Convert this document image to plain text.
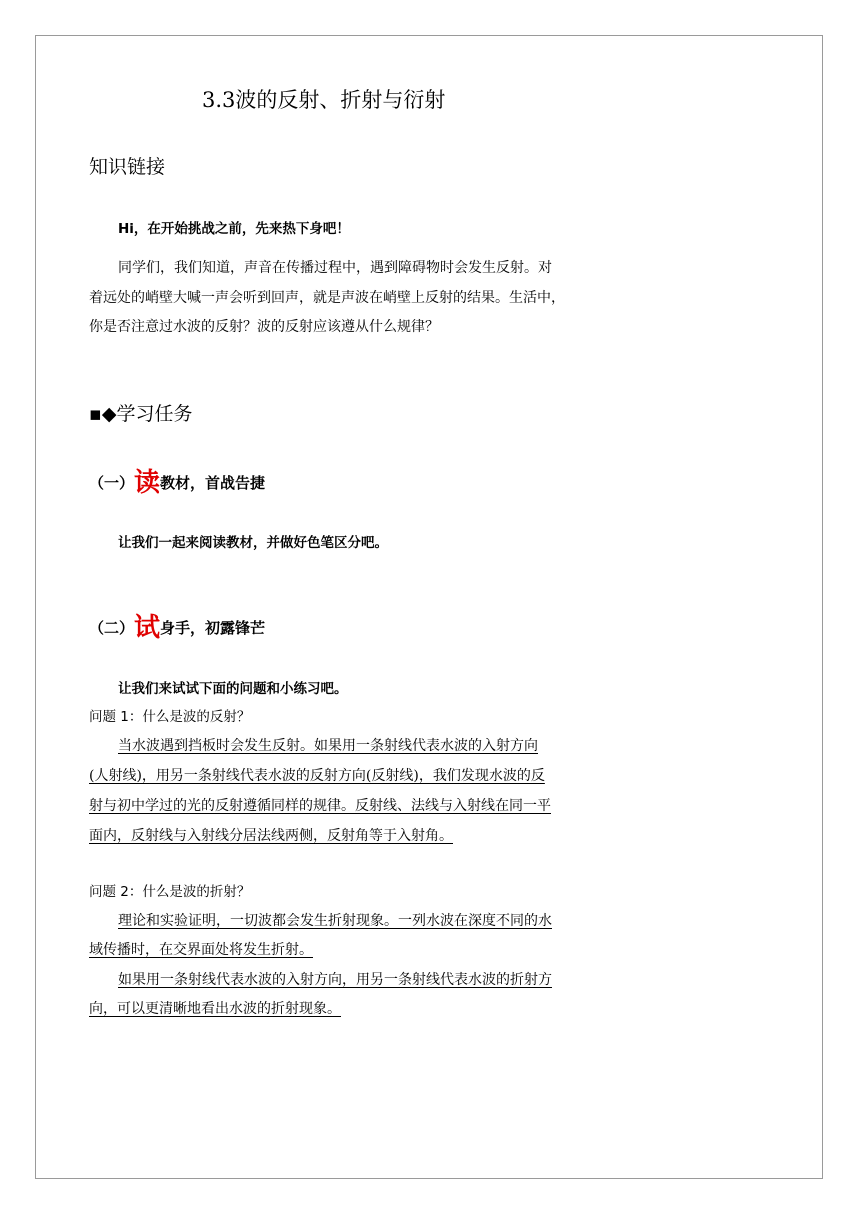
3.3波的反射、折射与衍射
知识链接
Hi，在开始挑战之前，先来热下身吧！
同学们，我们知道，声音在传播过程中，遇到障碍物时会发生反射。对
着远处的峭壁大喊一声会听到回声，就是声波在峭壁上反射的结果。生活中，
你是否注意过水波的反射？波的反射应该遵从什么规律？
▪◆学习任务
（一）读教材，首战告捷
让我们一起来阅读教材，并做好色笔区分吧。
（二）试身手，初露锋芒
让我们来试试下面的问题和小练习吧。
问题 1：什么是波的反射？
当水波遇到挡板时会发生反射。如果用一条射线代表水波的入射方向
(人射线)，用另一条射线代表水波的反射方向(反射线)，我们发现水波的反
射与初中学过的光的反射遵循同样的规律。反射线、法线与入射线在同一平
面内，反射线与入射线分居法线两侧，反射角等于入射角。
问题 2：什么是波的折射？
理论和实验证明，一切波都会发生折射现象。一列水波在深度不同的水
域传播时，在交界面处将发生折射。
如果用一条射线代表水波的入射方向，用另一条射线代表水波的折射方
向，可以更清晰地看出水波的折射现象。
